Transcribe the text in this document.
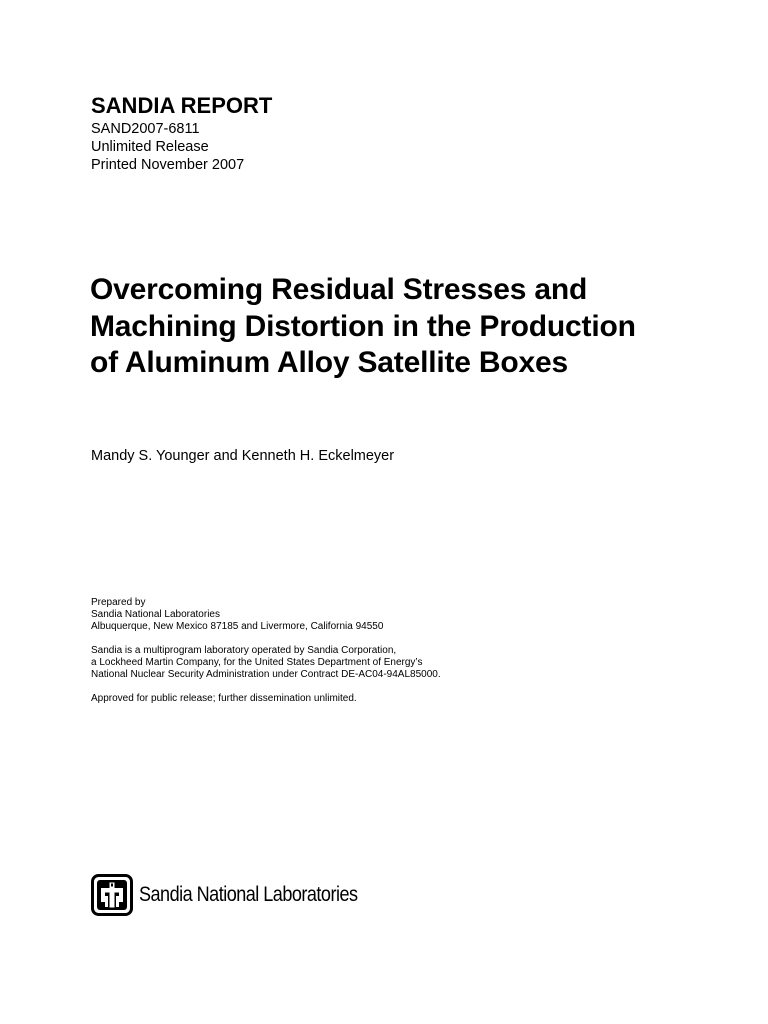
SANDIA REPORT
SAND2007-6811
Unlimited Release
Printed November 2007
Overcoming Residual Stresses and
Machining Distortion in the Production
of Aluminum Alloy Satellite Boxes
Mandy S. Younger and Kenneth H. Eckelmeyer
Prepared by
Sandia National Laboratories
Albuquerque, New Mexico 87185 and Livermore, California 94550
Sandia is a multiprogram laboratory operated by Sandia Corporation,
a Lockheed Martin Company, for the United States Department of Energy’s
National Nuclear Security Administration under Contract DE-AC04-94AL85000.
Approved for public release; further dissemination unlimited.
Sandia National Laboratories
